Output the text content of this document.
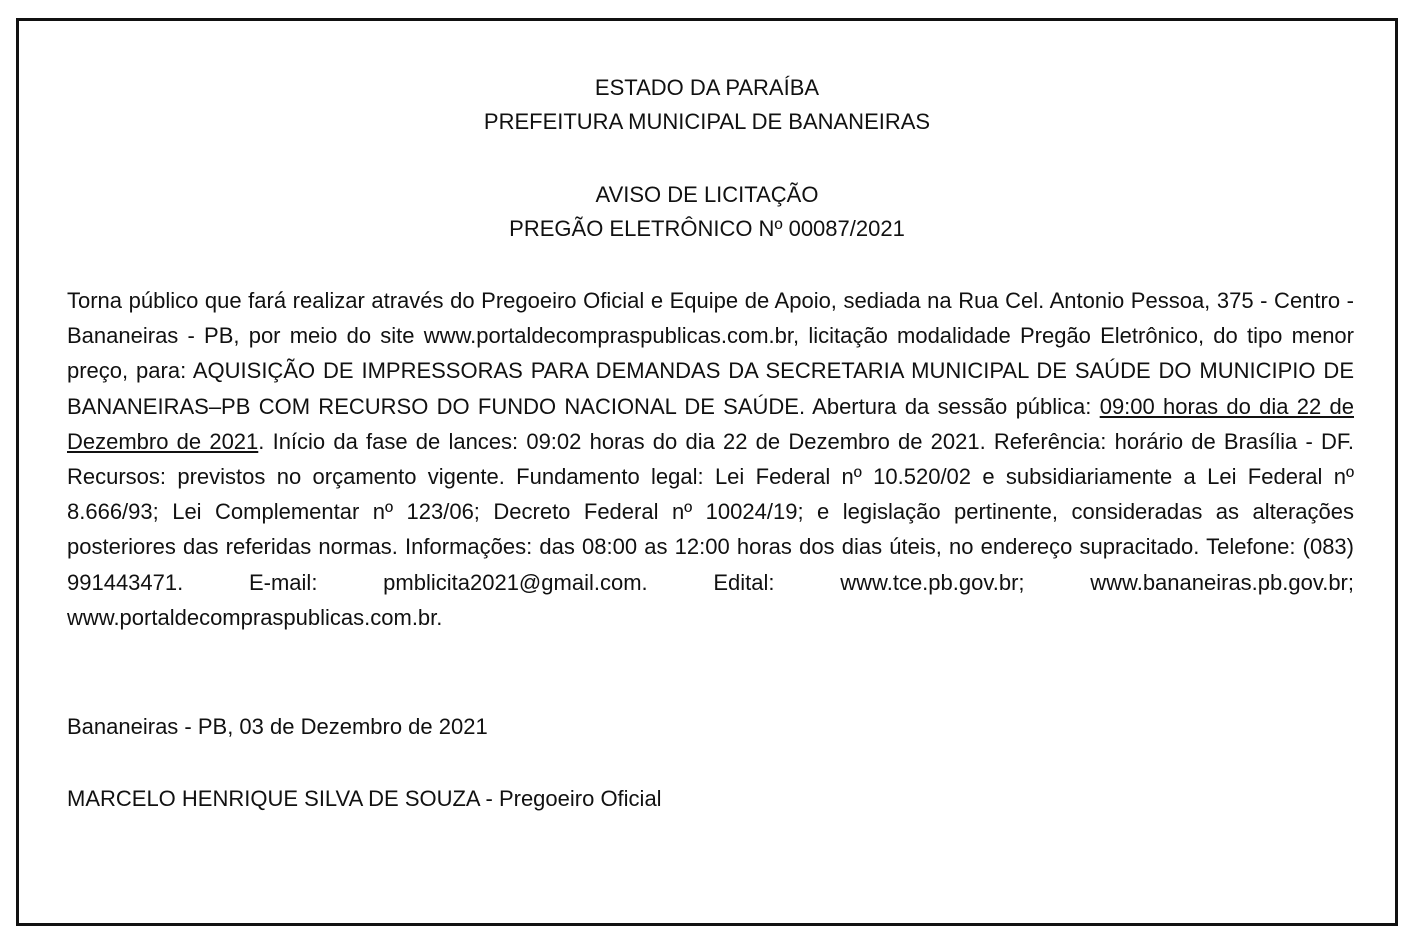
ESTADO DA PARAÍBA
PREFEITURA MUNICIPAL DE BANANEIRAS
AVISO DE LICITAÇÃO
PREGÃO ELETRÔNICO Nº 00087/2021
Torna público que fará realizar através do Pregoeiro Oficial e Equipe de Apoio, sediada na Rua Cel. Antonio Pessoa, 375 - Centro - Bananeiras - PB, por meio do site www.portaldecompraspublicas.com.br, licitação modalidade Pregão Eletrônico, do tipo menor preço, para: AQUISIÇÃO DE IMPRESSORAS PARA DEMANDAS DA SECRETARIA MUNICIPAL DE SAÚDE DO MUNICIPIO DE BANANEIRAS–PB COM RECURSO DO FUNDO NACIONAL DE SAÚDE. Abertura da sessão pública: 09:00 horas do dia 22 de Dezembro de 2021. Início da fase de lances: 09:02 horas do dia 22 de Dezembro de 2021. Referência: horário de Brasília - DF. Recursos: previstos no orçamento vigente. Fundamento legal: Lei Federal nº 10.520/02 e subsidiariamente a Lei Federal nº 8.666/93; Lei Complementar nº 123/06; Decreto Federal nº 10024/19; e legislação pertinente, consideradas as alterações posteriores das referidas normas. Informações: das 08:00 as 12:00 horas dos dias úteis, no endereço supracitado. Telefone: (083) 991443471. E-mail: pmblicita2021@gmail.com. Edital: www.tce.pb.gov.br; www.bananeiras.pb.gov.br; www.portaldecompraspublicas.com.br.
Bananeiras - PB, 03 de Dezembro de 2021
MARCELO HENRIQUE SILVA DE SOUZA - Pregoeiro Oficial
